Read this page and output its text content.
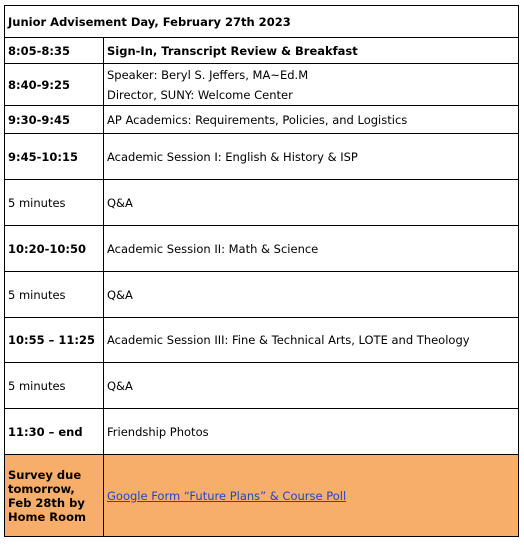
Junior Advisement Day, February 27th 2023	
8:05-8:35	Sign-In, Transcript Review & Breakfast
8:40-9:25	Speaker: Beryl S. Jeffers, MA~Ed.M
Director, SUNY: Welcome Center

9:30-9:45	AP Academics: Requirements, Policies, and Logistics
9:45-10:15	Academic Session I: English & History & ISP
5 minutes	Q&A
10:20-10:50	Academic Session II: Math & Science
5 minutes	Q&A
10:55 – 11:25	Academic Session III: Fine & Technical Arts, LOTE and Theology
5 minutes	Q&A
11:30 – end	Friendship Photos
Survey due tomorrow, Feb 28th by Home Room	Google Form “Future Plans” & Course Poll
